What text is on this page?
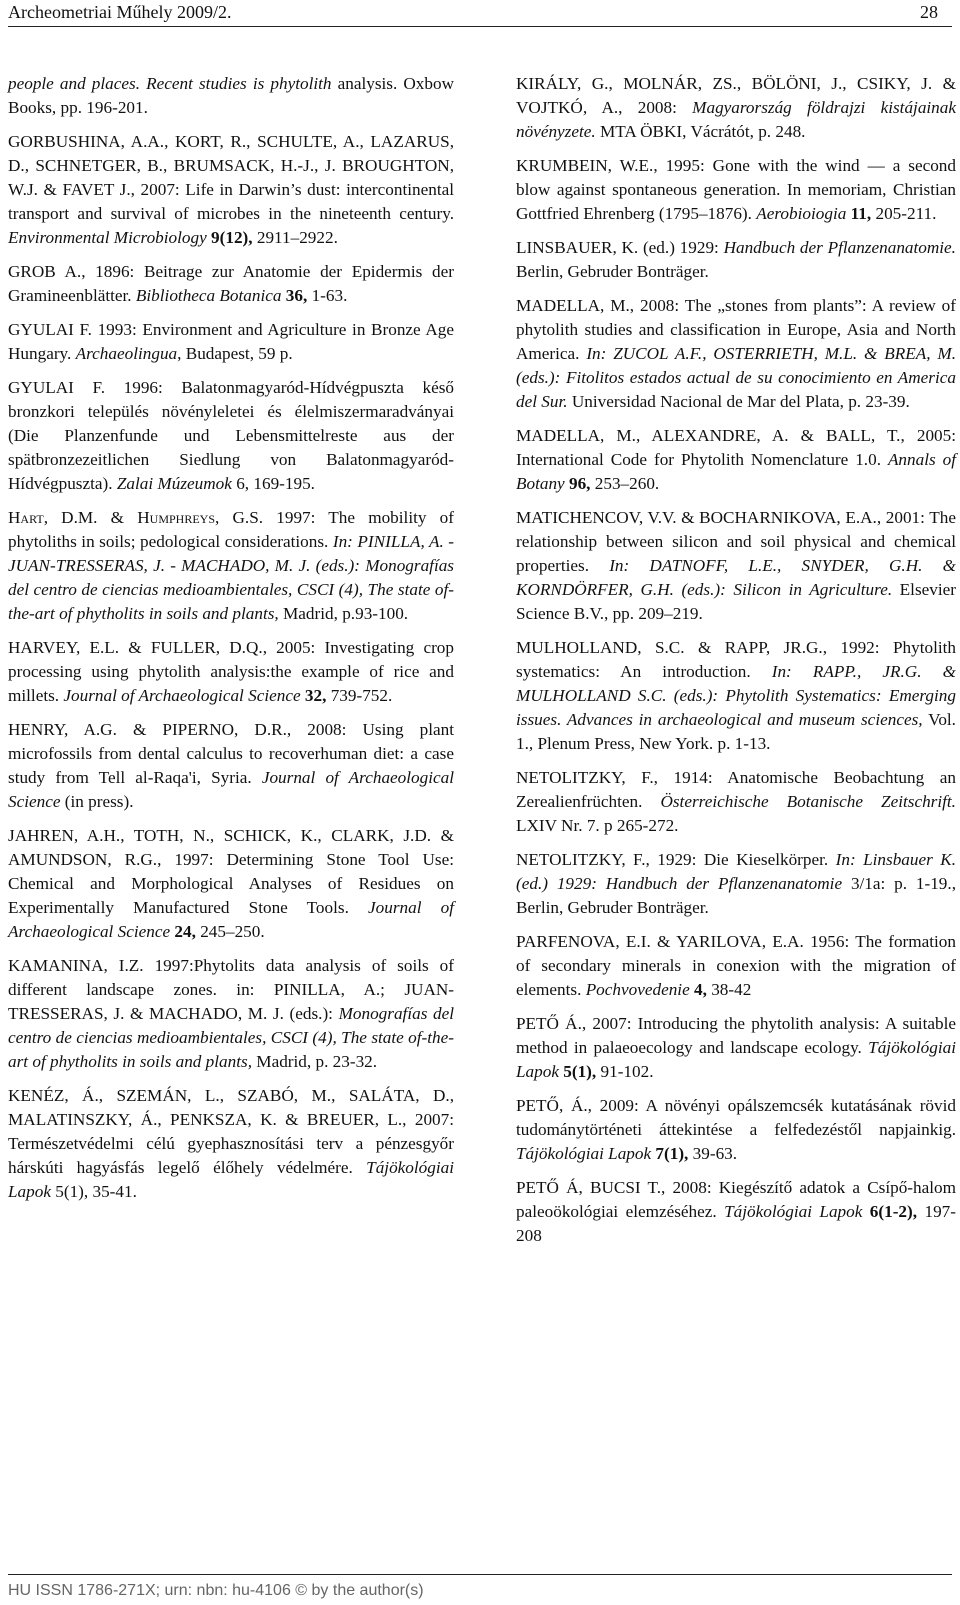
Archeometriai Műhely 2009/2.	28

people and places. Recent studies is phytolith analysis. Oxbow Books, pp. 196-201.

GORBUSHINA, A.A., KORT, R., SCHULTE, A., LAZARUS, D., SCHNETGER, B., BRUMSACK, H.-J., J. BROUGHTON, W.J. & FAVET J., 2007: Life in Darwin’s dust: intercontinental transport and survival of microbes in the nineteenth century. Environmental Microbiology 9(12), 2911–2922.

GROB A., 1896: Beitrage zur Anatomie der Epidermis der Gramineenblätter. Bibliotheca Botanica 36, 1-63.

GYULAI F. 1993: Environment and Agriculture in Bronze Age Hungary. Archaeolingua, Budapest, 59 p.

GYULAI F. 1996: Balatonmagyaród-Hídvégpuszta késő bronzkori település növényleletei és élelmiszermaradványai (Die Planzenfunde und Lebensmittelreste aus der spätbronzezeitlichen Siedlung von Balatonmagyaród-Hídvégpuszta). Zalai Múzeumok 6, 169-195.

Hart, D.M. & Humphreys, G.S. 1997: The mobility of phytoliths in soils; pedological considerations. In: PINILLA, A. - JUAN-TRESSERAS, J. - MACHADO, M. J. (eds.): Monografías del centro de ciencias medioambientales, CSCI (4), The state of-the-art of phytholits in soils and plants, Madrid, p.93-100.

HARVEY, E.L. & FULLER, D.Q., 2005: Investigating crop processing using phytolith analysis:the example of rice and millets. Journal of Archaeological Science 32, 739-752.

HENRY, A.G. & PIPERNO, D.R., 2008: Using plant microfossils from dental calculus to recoverhuman diet: a case study from Tell al-Raqa'i, Syria. Journal of Archaeological Science (in press).

JAHREN, A.H., TOTH, N., SCHICK, K., CLARK, J.D. & AMUNDSON, R.G., 1997: Determining Stone Tool Use: Chemical and Morphological Analyses of Residues on Experimentally Manufactured Stone Tools. Journal of Archaeological Science 24, 245–250.

KAMANINA, I.Z. 1997:Phytolits data analysis of soils of different landscape zones. in: PINILLA, A.; JUAN-TRESSERAS, J. & MACHADO, M. J. (eds.): Monografías del centro de ciencias medioambientales, CSCI (4), The state of-the-art of phytholits in soils and plants, Madrid, p. 23-32.

KENÉZ, Á., SZEMÁN, L., SZABÓ, M., SALÁTA, D., MALATINSZKY, Á., PENKSZA, K. & BREUER, L., 2007: Természetvédelmi célú gyephasznosítási terv a pénzesgyőr hárskúti hagyásfás legelő élőhely védelmére. Tájökológiai Lapok 5(1), 35-41.

KIRÁLY, G., MOLNÁR, ZS., BÖLÖNI, J., CSIKY, J. & VOJTKÓ, A., 2008: Magyarország földrajzi kistájainak növényzete. MTA ÖBKI, Vácrátót, p. 248.

KRUMBEIN, W.E., 1995: Gone with the wind — a second blow against spontaneous generation. In memoriam, Christian Gottfried Ehrenberg (1795–1876). Aerobioiogia 11, 205-211.

LINSBAUER, K. (ed.) 1929: Handbuch der Pflanzenanatomie. Berlin, Gebruder Bonträger.

MADELLA, M., 2008: The „stones from plants”: A review of phytolith studies and classification in Europe, Asia and North America. In: ZUCOL A.F., OSTERRIETH, M.L. & BREA, M. (eds.): Fitolitos estados actual de su conocimiento en America del Sur. Universidad Nacional de Mar del Plata, p. 23-39.

MADELLA, M., ALEXANDRE, A. & BALL, T., 2005: International Code for Phytolith Nomenclature 1.0. Annals of Botany 96, 253–260.

MATICHENCOV, V.V. & BOCHARNIKOVA, E.A., 2001: The relationship between silicon and soil physical and chemical properties. In: DATNOFF, L.E., SNYDER, G.H. & KORNDÖRFER, G.H. (eds.): Silicon in Agriculture. Elsevier Science B.V., pp. 209–219.

MULHOLLAND, S.C. & RAPP, JR.G., 1992: Phytolith systematics: An introduction. In: RAPP., JR.G. & MULHOLLAND S.C. (eds.): Phytolith Systematics: Emerging issues. Advances in archaeological and museum sciences, Vol. 1., Plenum Press, New York. p. 1-13.

NETOLITZKY, F., 1914: Anatomische Beobachtung an Zerealienfrüchten. Österreichische Botanische Zeitschrift. LXIV Nr. 7. p 265-272.

NETOLITZKY, F., 1929: Die Kieselkörper. In: Linsbauer K. (ed.) 1929: Handbuch der Pflanzenanatomie 3/1a: p. 1-19., Berlin, Gebruder Bonträger.

PARFENOVA, E.I. & YARILOVA, E.A. 1956: The formation of secondary minerals in conexion with the migration of elements. Pochvovedenie 4, 38-42

PETŐ Á., 2007: Introducing the phytolith analysis: A suitable method in palaeoecology and landscape ecology. Tájökológiai Lapok 5(1), 91-102.

PETŐ, Á., 2009: A növényi opálszemcsék kutatásának rövid tudománytörténeti áttekintése a felfedezéstől napjainkig. Tájökológiai Lapok 7(1), 39-63.

PETŐ Á, BUCSI T., 2008: Kiegészítő adatok a Csípő-halom paleoökológiai elemzéséhez. Tájökológiai Lapok 6(1-2), 197-208

HU ISSN 1786-271X; urn: nbn: hu-4106 © by the author(s)
